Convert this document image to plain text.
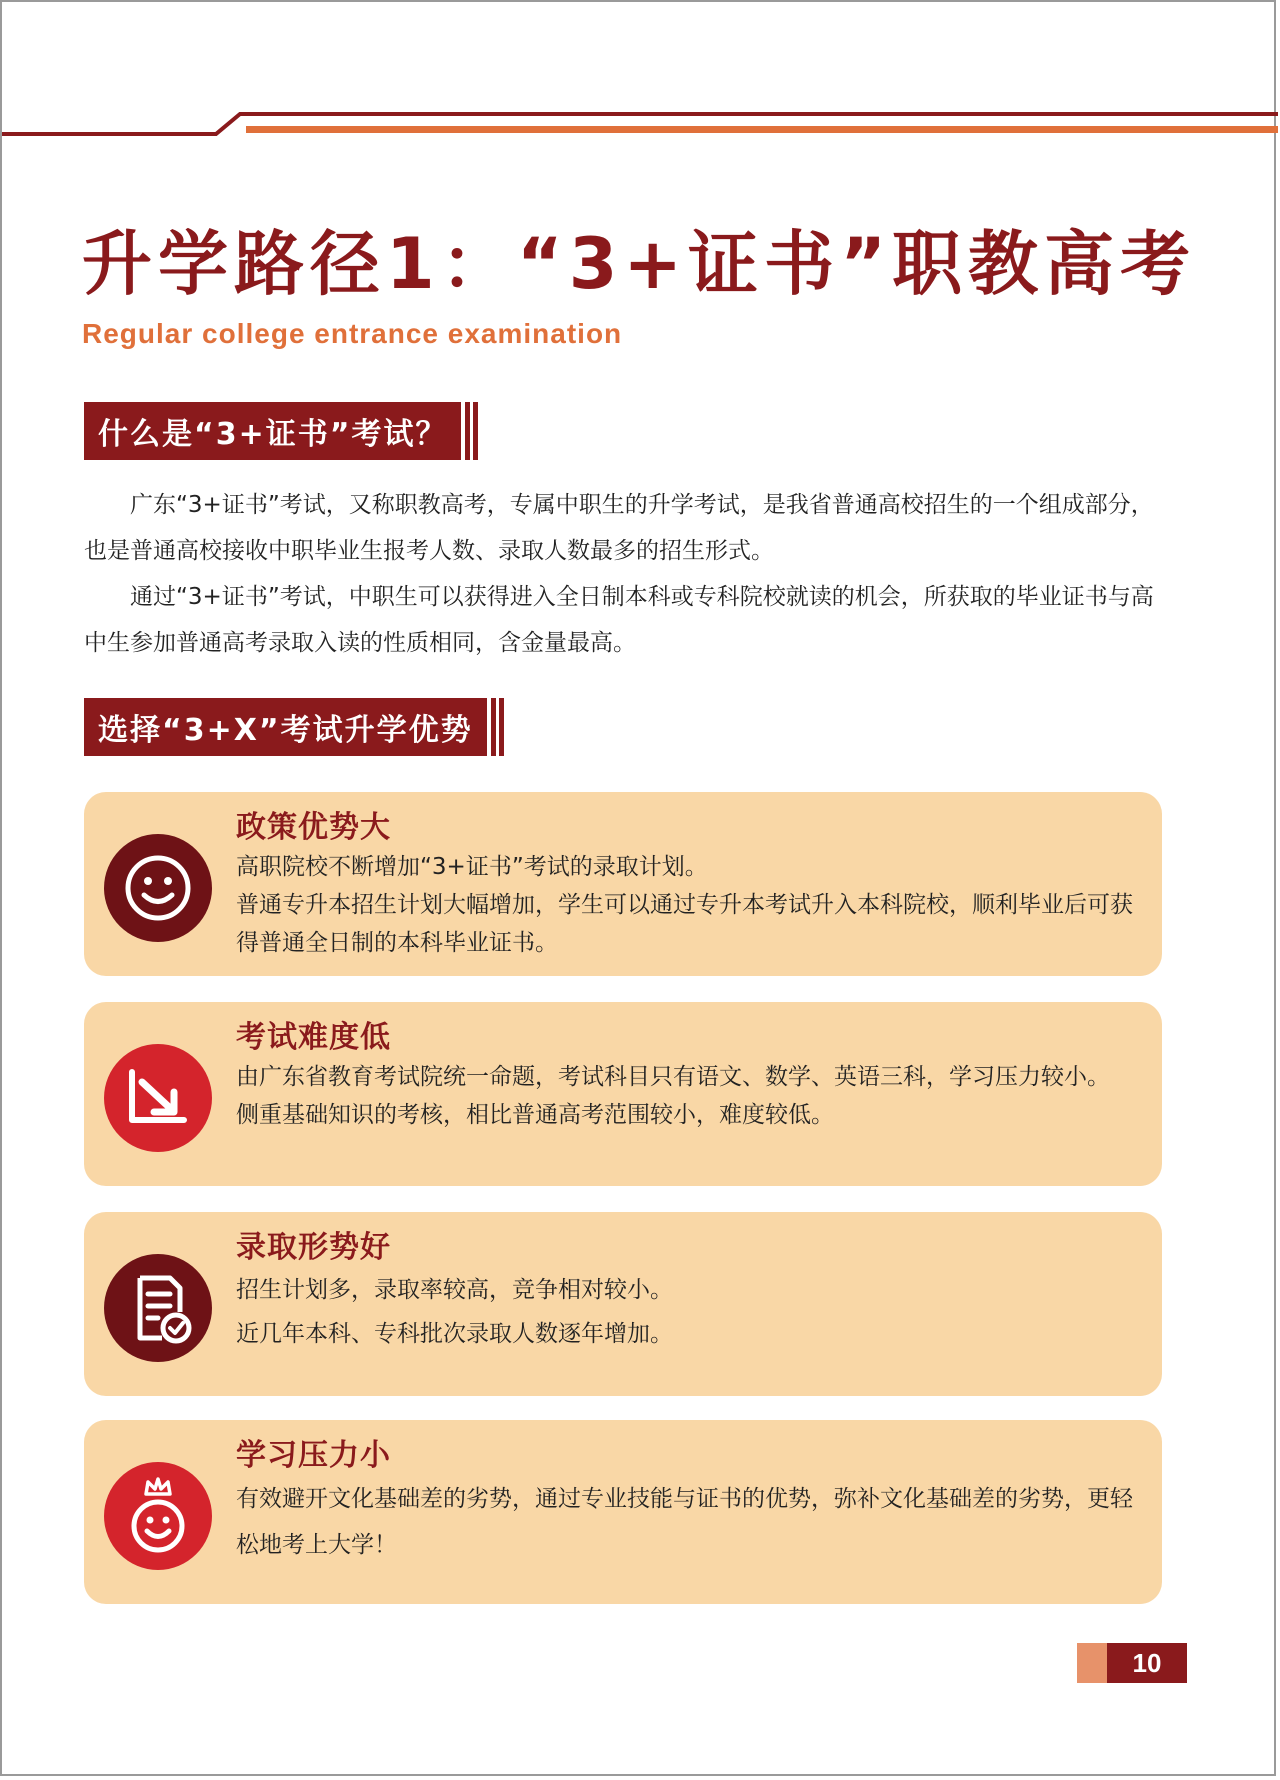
升学路径1：“3+证书”职教高考
Regular college entrance examination
什么是“3+证书”考试？

广东“3+证书”考试，又称职教高考，专属中职生的升学考试，是我省普通高校招生的一个组成部分，也是普通高校接收中职毕业生报考人数、录取人数最多的招生形式。

通过“3+证书”考试，中职生可以获得进入全日制本科或专科院校就读的机会，所获取的毕业证书与高中生参加普通高考录取入读的性质相同，含金量最高。

选择“3+X”考试升学优势
政策优势大

高职院校不断增加“3+证书”考试的录取计划。

普通专升本招生计划大幅增加，学生可以通过专升本考试升入本科院校，顺利毕业后可获得普通全日制的本科毕业证书。

考试难度低

由广东省教育考试院统一命题，考试科目只有语文、数学、英语三科，学习压力较小。

侧重基础知识的考核，相比普通高考范围较小，难度较低。

录取形势好

招生计划多，录取率较高，竞争相对较小。

近几年本科、专科批次录取人数逐年增加。

学习压力小

有效避开文化基础差的劣势，通过专业技能与证书的优势，弥补文化基础差的劣势，更轻松地考上大学！

10
